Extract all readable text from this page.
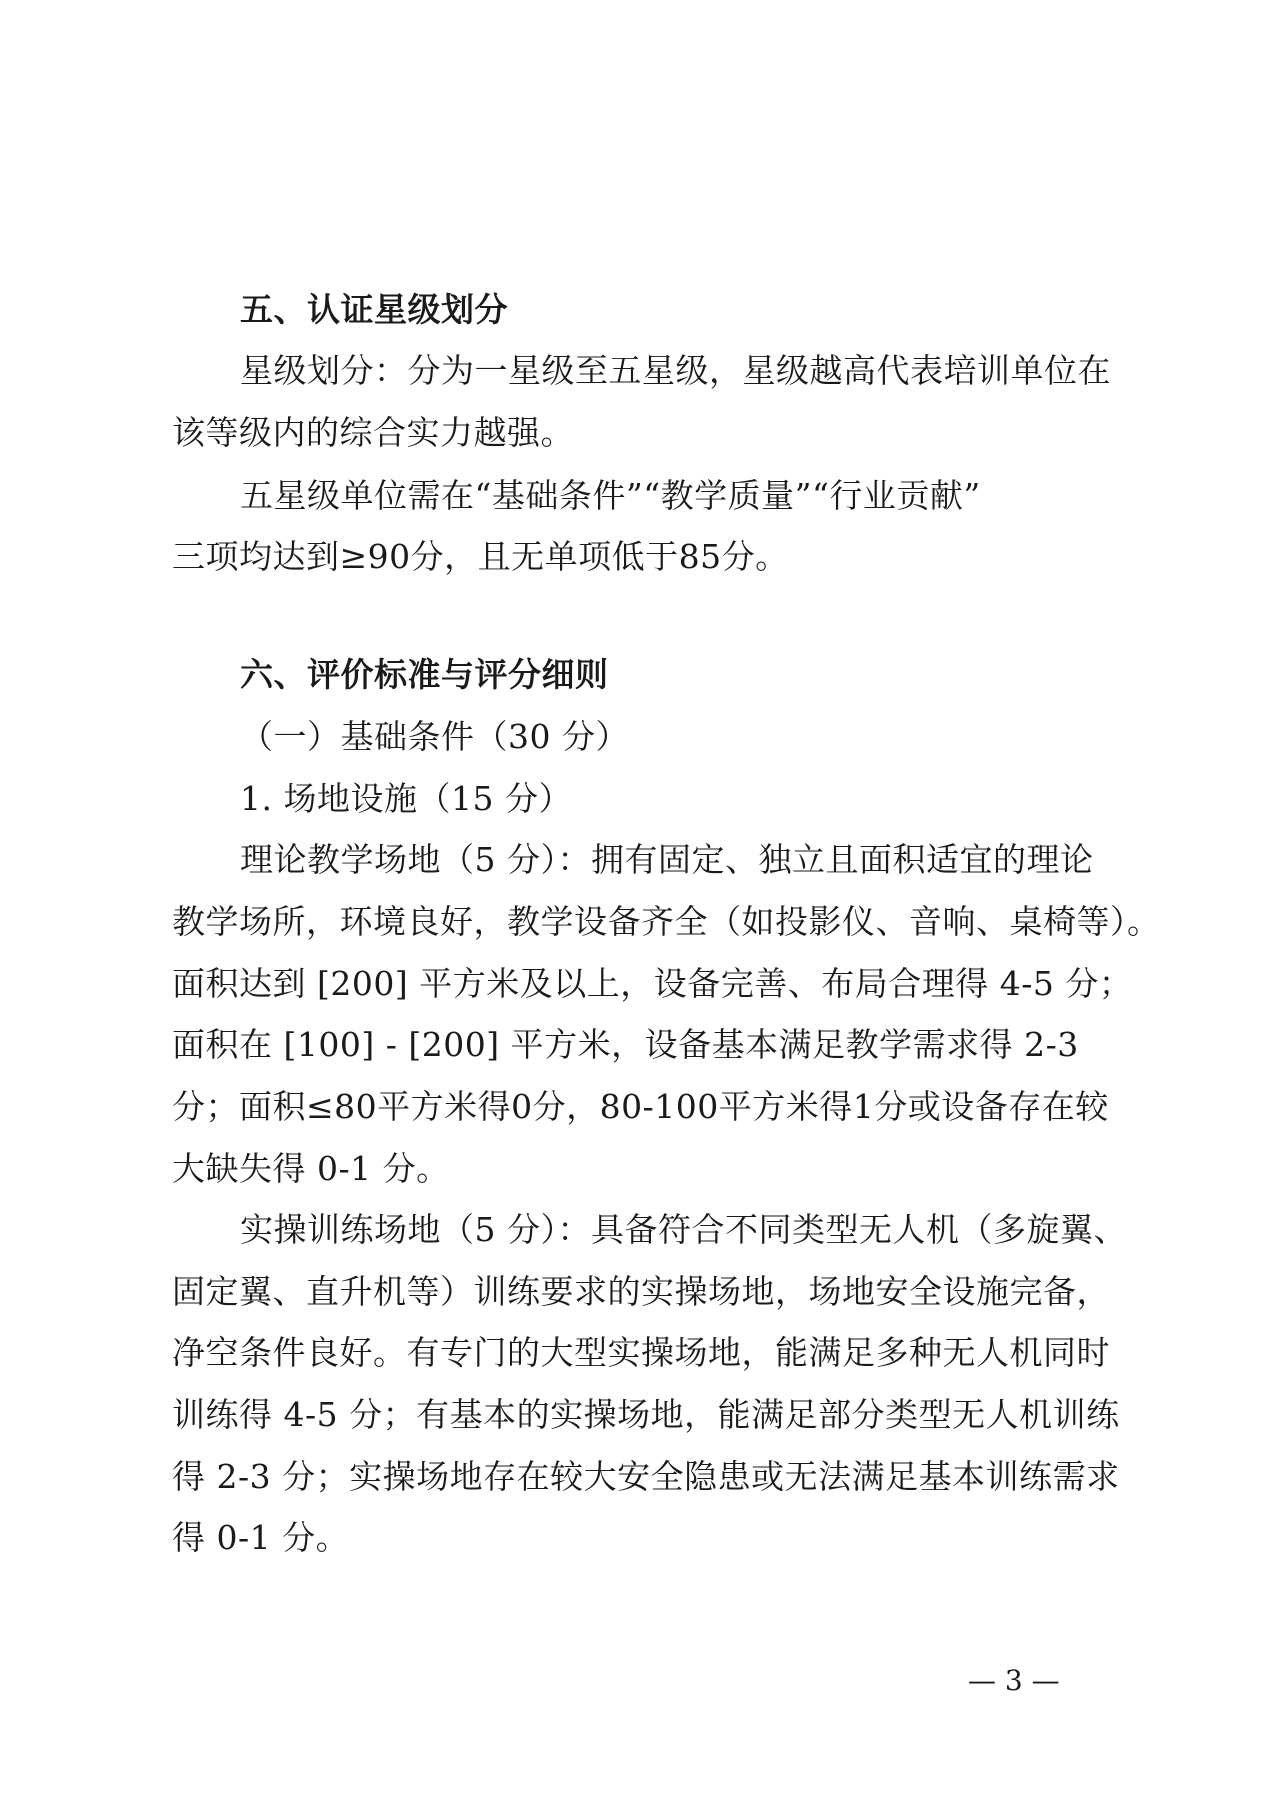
五、认证星级划分
星级划分：分为一星级至五星级，星级越高代表培训单位在
该等级内的综合实力越强。
五星级单位需在“基础条件”“教学质量”“行业贡献”
三项均达到≥90分，且无单项低于85分。
六、评价标准与评分细则
（一）基础条件（30 分）
1. 场地设施（15 分）
理论教学场地（5 分）：拥有固定、独立且面积适宜的理论
教学场所，环境良好，教学设备齐全（如投影仪、音响、桌椅等）。
面积达到 [200] 平方米及以上，设备完善、布局合理得 4-5 分；
面积在 [100] - [200] 平方米，设备基本满足教学需求得 2-3
分；面积≤80平方米得0分，80-100平方米得1分或设备存在较
大缺失得 0-1 分。
实操训练场地（5 分）：具备符合不同类型无人机（多旋翼、
固定翼、直升机等）训练要求的实操场地，场地安全设施完备，
净空条件良好。有专门的大型实操场地，能满足多种无人机同时
训练得 4-5 分；有基本的实操场地，能满足部分类型无人机训练
得 2-3 分；实操场地存在较大安全隐患或无法满足基本训练需求
得 0-1 分。
— 3 —
